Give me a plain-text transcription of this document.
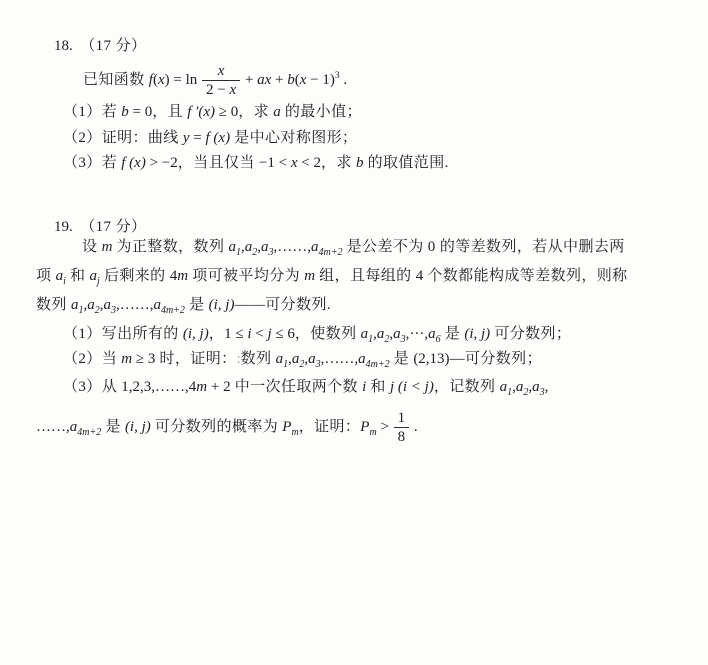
18.  （17 分）
已知函数 $f(x) = \ln \frac{x}{2 - x}$ + ax + $b(x - 1)^3$ .
（1）若 b = 0，且 f ′(x) ≥ 0，求 a 的最小值；
（2）证明：曲线 y = f (x) 是中心对称图形；
（3）若 f (x) > −2，当且仅当 −1 < x < 2，求 b 的取值范围.
19.  （17 分）
设 m 为正整数，数列 $a_1,a_2,a_3,\dots\dots,a_{4m+2}$ 是公差不为 0 的等差数列，若从中删去两
项 $a_i$ 和 $a_j$ 后剩来的 4m 项可被平均分为 m 组，且每组的 4 个数都能构成等差数列，则称
数列 $a_1,a_2,a_3,\dots\dots,a_{4m+2}$ 是 (i, j)——可分数列.
（1）写出所有的 (i, j)，1 ≤ i < j ≤ 6，使数列 $a_1,a_2,a_3,\cdot\cdot\cdot,a_6$ 是 (i, j) 可分数列；
（2）当 m ≥ 3 时，证明：:数列 $a_1,a_2,a_3,\dots\dots,a_{4m+2}$ 是 (2,13)—可分数列；
（3）从 1,2,3,……,4m + 2 中一次任取两个数 i 和 j (i < j)，记数列 $a_1,a_2,a_3$,
$\dots\dots,a_{4m+2}$ 是 (i, j) 可分数列的概率为 $P_m$，证明：$P_m > \frac{1}{8}$ .
